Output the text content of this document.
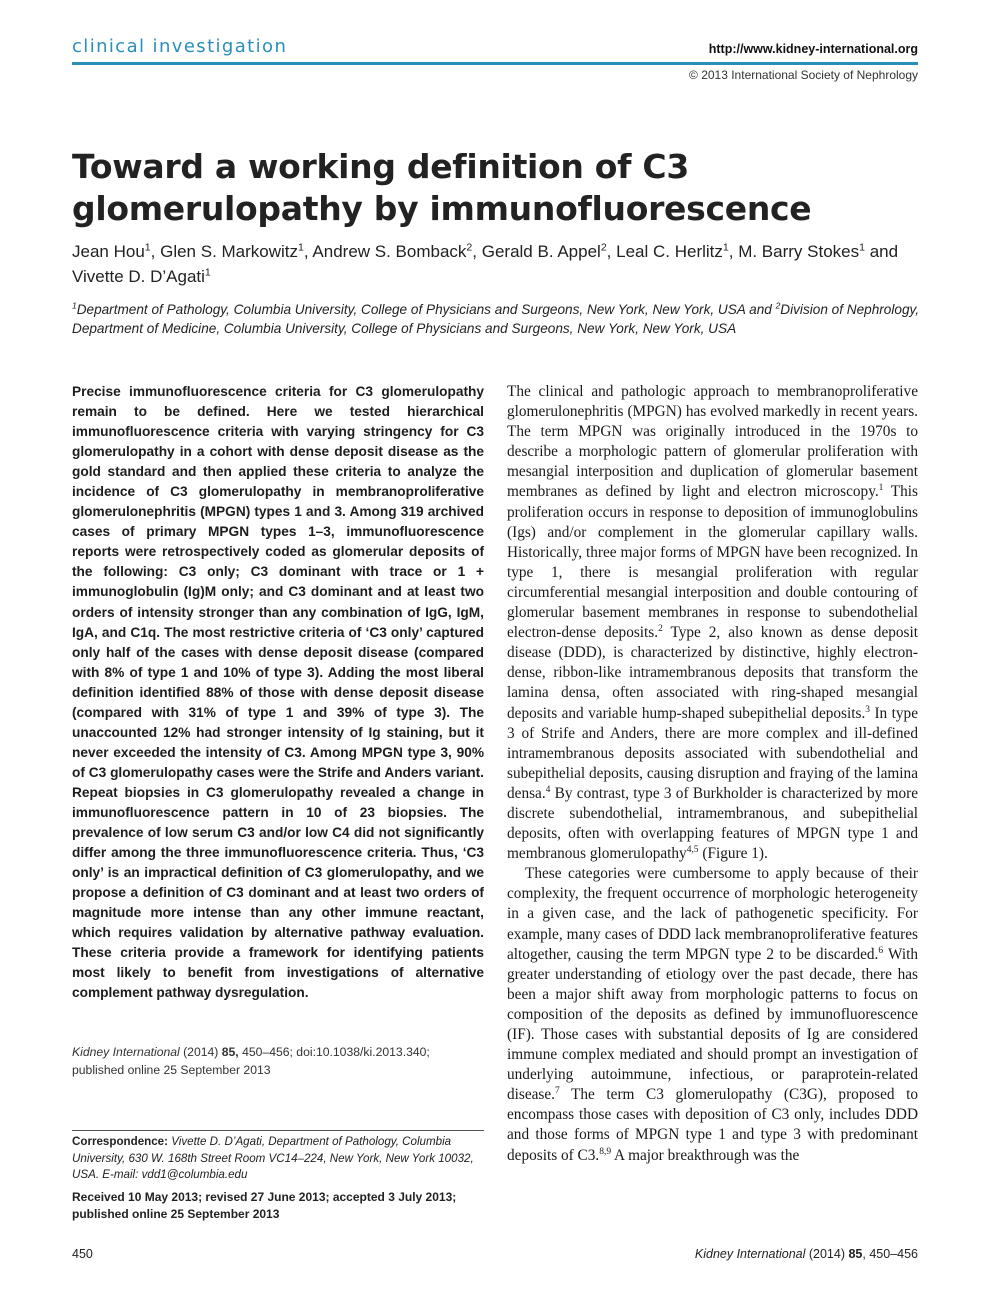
clinical investigation	http://www.kidney-international.org
© 2013 International Society of Nephrology
Toward a working definition of C3 glomerulopathy by immunofluorescence
Jean Hou$^1$, Glen S. Markowitz$^1$, Andrew S. Bomback$^2$, Gerald B. Appel$^2$, Leal C. Herlitz$^1$, M. Barry Stokes$^1$ and Vivette D. D’Agati$^1$
$^1$Department of Pathology, Columbia University, College of Physicians and Surgeons, New York, New York, USA and $^2$Division of Nephrology, Department of Medicine, Columbia University, College of Physicians and Surgeons, New York, New York, USA
Precise immunofluorescence criteria for C3 glomerulopathy remain to be defined. Here we tested hierarchical immunofluorescence criteria with varying stringency for C3 glomerulopathy in a cohort with dense deposit disease as the gold standard and then applied these criteria to analyze the incidence of C3 glomerulopathy in membranoproliferative glomerulonephritis (MPGN) types 1 and 3. Among 319 archived cases of primary MPGN types 1–3, immunofluorescence reports were retrospectively coded as glomerular deposits of the following: C3 only; C3 dominant with trace or 1 + immunoglobulin (Ig)M only; and C3 dominant and at least two orders of intensity stronger than any combination of IgG, IgM, IgA, and C1q. The most restrictive criteria of ‘C3 only’ captured only half of the cases with dense deposit disease (compared with 8% of type 1 and 10% of type 3). Adding the most liberal definition identified 88% of those with dense deposit disease (compared with 31% of type 1 and 39% of type 3). The unaccounted 12% had stronger intensity of Ig staining, but it never exceeded the intensity of C3. Among MPGN type 3, 90% of C3 glomerulopathy cases were the Strife and Anders variant. Repeat biopsies in C3 glomerulopathy revealed a change in immunofluorescence pattern in 10 of 23 biopsies. The prevalence of low serum C3 and/or low C4 did not significantly differ among the three immunofluorescence criteria. Thus, ‘C3 only’ is an impractical definition of C3 glomerulopathy, and we propose a definition of C3 dominant and at least two orders of magnitude more intense than any other immune reactant, which requires validation by alternative pathway evaluation. These criteria provide a framework for identifying patients most likely to benefit from investigations of alternative complement pathway dysregulation.
Kidney International (2014) 85, 450–456; doi:10.1038/ki.2013.340;
published online 25 September 2013
Correspondence: Vivette D. D’Agati, Department of Pathology, Columbia University, 630 W. 168th Street Room VC14–224, New York, New York 10032, USA. E-mail: vdd1@columbia.edu
Received 10 May 2013; revised 27 June 2013; accepted 3 July 2013; published online 25 September 2013

The clinical and pathologic approach to membranoproliferative glomerulonephritis (MPGN) has evolved markedly in recent years. The term MPGN was originally introduced in the 1970s to describe a morphologic pattern of glomerular proliferation with mesangial interposition and duplication of glomerular basement membranes as defined by light and electron microscopy.$^1$ This proliferation occurs in response to deposition of immunoglobulins (Igs) and/or complement in the glomerular capillary walls. Historically, three major forms of MPGN have been recognized. In type 1, there is mesangial proliferation with regular circumferential mesangial interposition and double contouring of glomerular basement membranes in response to subendothelial electron-dense deposits.$^2$ Type 2, also known as dense deposit disease (DDD), is characterized by distinctive, highly electron-dense, ribbon-like intramembranous deposits that transform the lamina densa, often associated with ring-shaped mesangial deposits and variable hump-shaped subepithelial deposits.$^3$ In type 3 of Strife and Anders, there are more complex and ill-defined intramembranous deposits associated with subendothelial and subepithelial deposits, causing disruption and fraying of the lamina densa.$^4$ By contrast, type 3 of Burkholder is characterized by more discrete subendothelial, intramembranous, and subepithelial deposits, often with overlapping features of MPGN type 1 and membranous glomerulopathy$^{4,5}$ (Figure 1).

These categories were cumbersome to apply because of their complexity, the frequent occurrence of morphologic heterogeneity in a given case, and the lack of pathogenetic specificity. For example, many cases of DDD lack membranoproliferative features altogether, causing the term MPGN type 2 to be discarded.$^6$ With greater understanding of etiology over the past decade, there has been a major shift away from morphologic patterns to focus on composition of the deposits as defined by immunofluorescence (IF). Those cases with substantial deposits of Ig are considered immune complex mediated and should prompt an investigation of underlying autoimmune, infectious, or paraprotein-related disease.$^7$ The term C3 glomerulopathy (C3G), proposed to encompass those cases with deposition of C3 only, includes DDD and those forms of MPGN type 1 and type 3 with predominant deposits of C3.$^{8,9}$ A major breakthrough was the

450	Kidney International (2014) 85, 450–456
